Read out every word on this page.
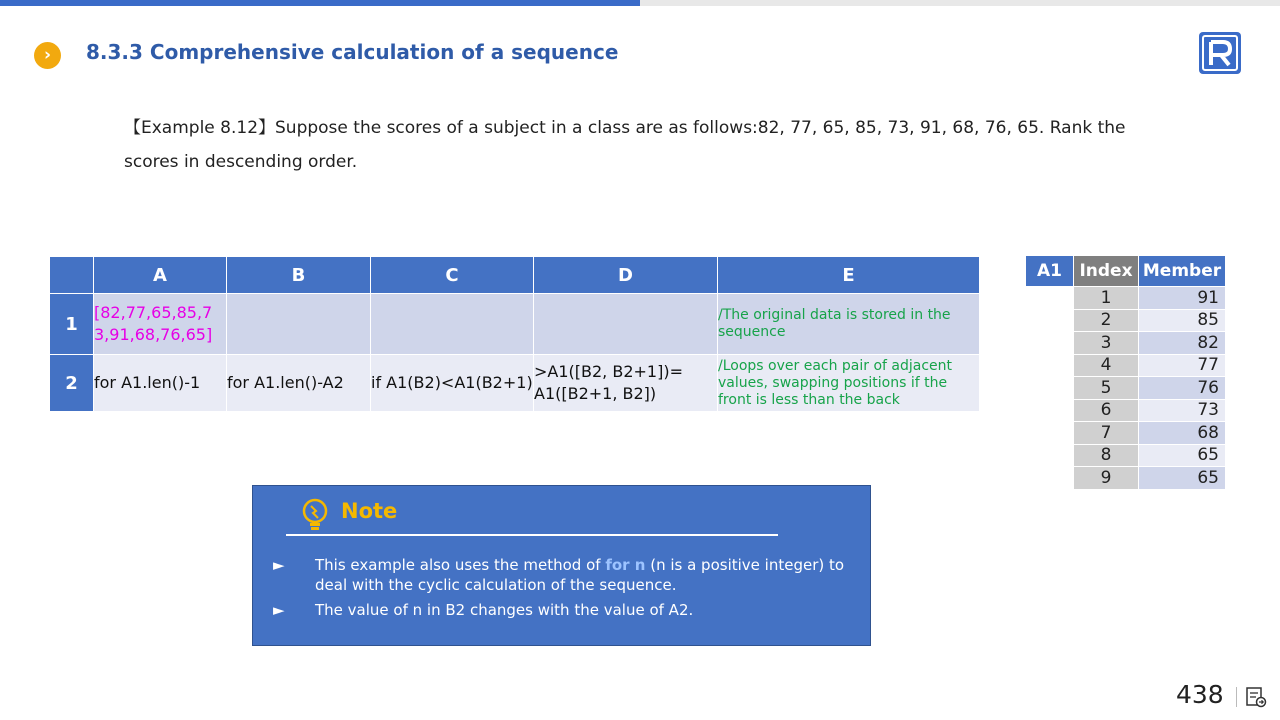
›	8.3.3 Comprehensive calculation of a sequence
【Example 8.12】Suppose the scores of a subject in a class are as follows:82, 77, 65, 85, 73, 91, 68, 76, 65. Rank the scores in descending order.
	A	B	C	D	E
1	[82,77,65,85,73,91,68,76,65]				/The original data is stored in the sequence
2	for A1.len()-1	for A1.len()-A2	if A1(B2)<A1(B2+1)	>A1([B2, B2+1])= A1([B2+1, B2])	/Loops over each pair of adjacent values, swapping positions if the front is less than the back
A1	Index	Member
	1	91
	2	85
	3	82
	4	77
	5	76
	6	73
	7	68
	8	65
	9	65
Note
► This example also uses the method of for n (n is a positive integer) to deal with the cyclic calculation of the sequence.
► The value of n in B2 changes with the value of A2.
438
